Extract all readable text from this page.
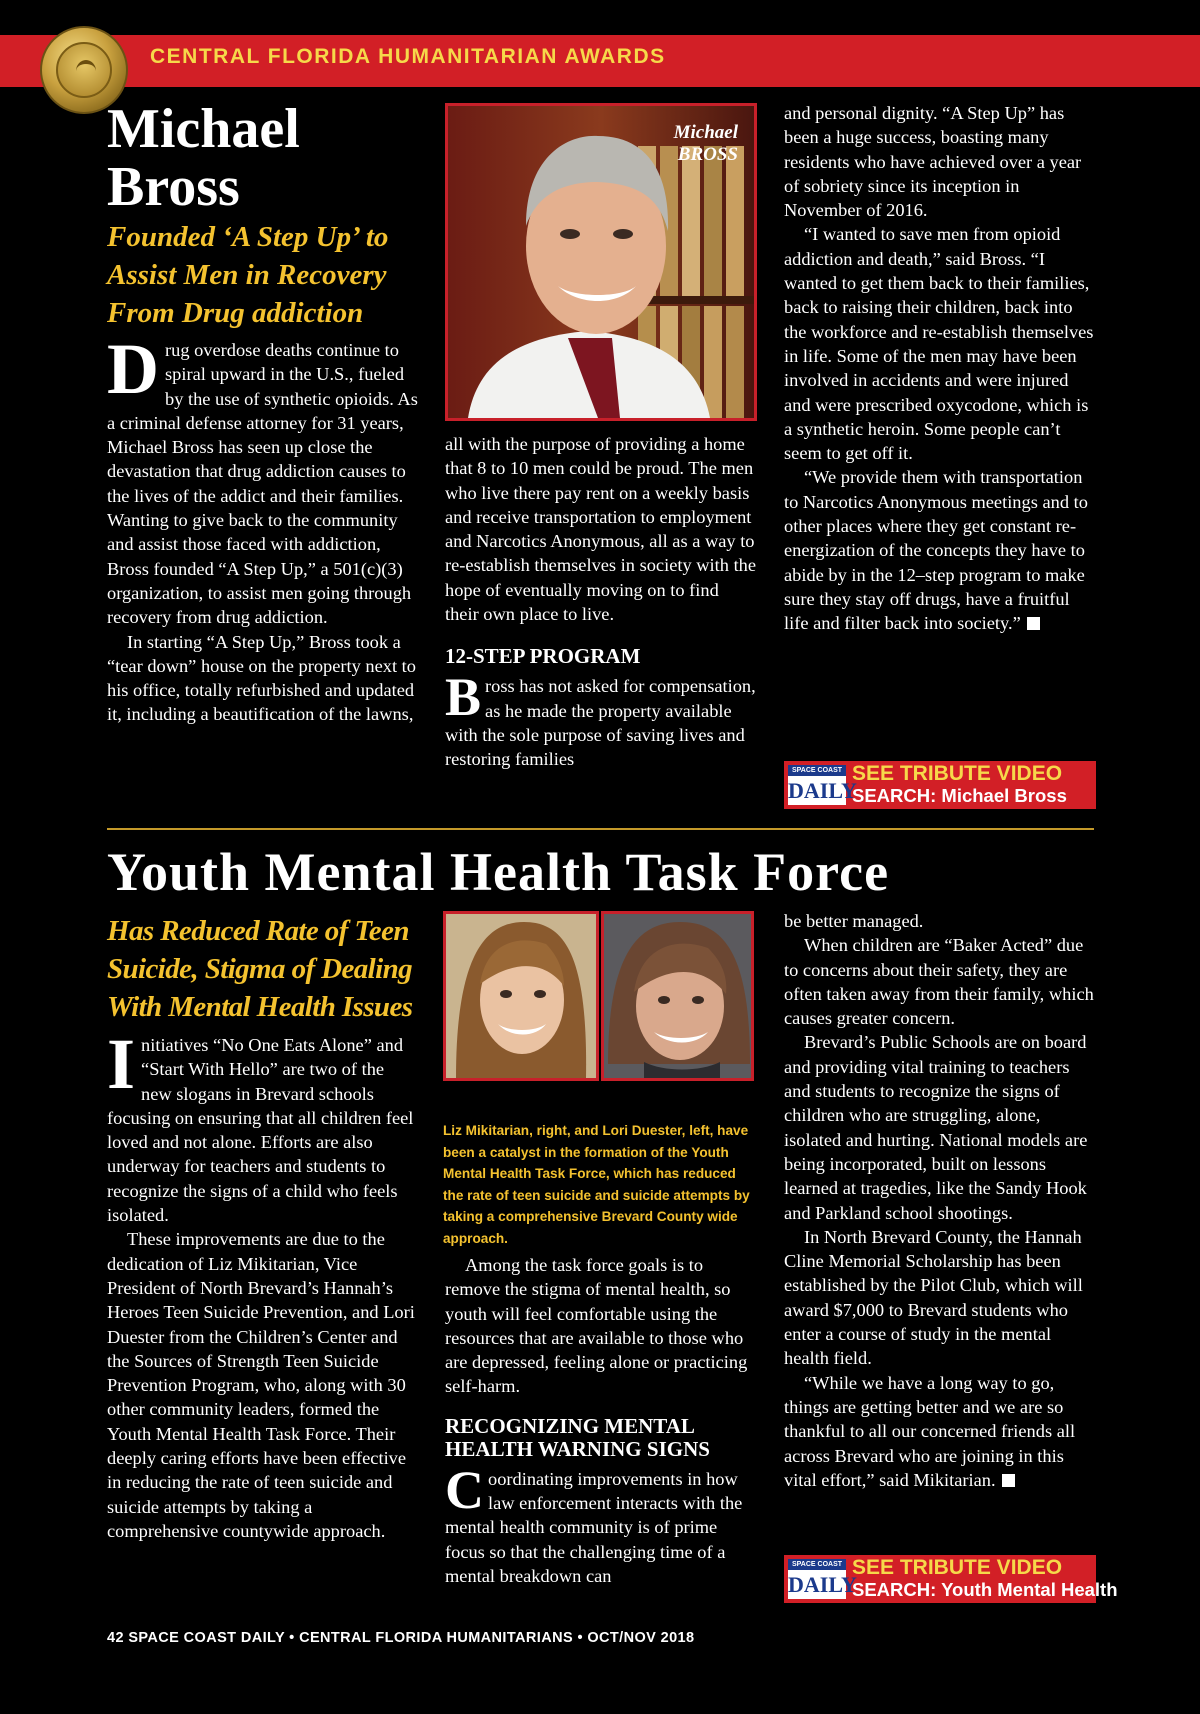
CENTRAL FLORIDA HUMANITARIAN AWARDS
Michael
Bross
Founded ‘A Step Up’ to
Assist Men in Recovery
From Drug addiction

Drug overdose deaths continue to spiral upward in the U.S., fueled by the use of synthetic opioids. As a criminal defense attorney for 31 years, Michael Bross has seen up close the devastation that drug addiction causes to the lives of the addict and their families. Wanting to give back to the community and assist those faced with addiction, Bross founded “A Step Up,” a 501(c)(3) organization, to assist men going through recovery from drug addiction.

In starting “A Step Up,” Bross took a “tear down” house on the property next to his office, totally refurbished and updated it, including a beautification of the lawns,

Michael
BROSS

all with the purpose of providing a home that 8 to 10 men could be proud. The men who live there pay rent on a weekly basis and receive transportation to employment and Narcotics Anonymous, all as a way to re-establish themselves in society with the hope of eventually moving on to find their own place to live.

12-STEP PROGRAM

Bross has not asked for compensation, as he made the property available with the sole purpose of saving lives and restoring families

and personal dignity. “A Step Up” has been a huge success, boasting many residents who have achieved over a year of sobriety since its inception in November of 2016.

“I wanted to save men from opioid addiction and death,” said Bross. “I wanted to get them back to their families, back to raising their children, back into the workforce and re-establish themselves in life. Some of the men may have been involved in accidents and were injured and were prescribed oxycodone, which is a synthetic heroin. Some people can’t seem to get off it.

“We provide them with transportation to Narcotics Anonymous meetings and to other places where they get constant re-energization of the concepts they have to abide by in the 12–step program to make sure they stay off drugs, have a fruitful life and filter back into society.”

SPACE COAST
DAILY
SEE TRIBUTE VIDEO
SEARCH: Michael Bross
Youth Mental Health Task Force
Has Reduced Rate of Teen
Suicide, Stigma of Dealing
With Mental Health Issues

Initiatives “No One Eats Alone” and “Start With Hello” are two of the new slogans in Brevard schools focusing on ensuring that all children feel loved and not alone. Efforts are also underway for teachers and students to recognize the signs of a child who feels isolated.

These improvements are due to the dedication of Liz Mikitarian, Vice President of North Brevard’s Hannah’s Heroes Teen Suicide Prevention, and Lori Duester from the Children’s Center and the Sources of Strength Teen Suicide Prevention Program, who, along with 30 other community leaders, formed the Youth Mental Health Task Force. Their deeply caring efforts have been effective in reducing the rate of teen suicide and suicide attempts by taking a comprehensive countywide approach.

Liz Mikitarian, right, and Lori Duester, left, have been a catalyst in the formation of the Youth Mental Health Task Force, which has reduced the rate of teen suicide and suicide attempts by taking a comprehensive Brevard County wide approach.

Among the task force goals is to remove the stigma of mental health, so youth will feel comfortable using the resources that are available to those who are depressed, feeling alone or practicing self-harm.

RECOGNIZING MENTAL HEALTH WARNING SIGNS

Coordinating improvements in how law enforcement interacts with the mental health community is of prime focus so that the challenging time of a mental breakdown can

be better managed.

When children are “Baker Acted” due to concerns about their safety, they are often taken away from their family, which causes greater concern.

Brevard’s Public Schools are on board and providing vital training to teachers and students to recognize the signs of children who are struggling, alone, isolated and hurting. National models are being incorporated, built on lessons learned at tragedies, like the Sandy Hook and Parkland school shootings.

In North Brevard County, the Hannah Cline Memorial Scholarship has been established by the Pilot Club, which will award $7,000 to Brevard students who enter a course of study in the mental health field.

“While we have a long way to go, things are getting better and we are so thankful to all our concerned friends all across Brevard who are joining in this vital effort,” said Mikitarian.

SPACE COAST
DAILY
SEE TRIBUTE VIDEO
SEARCH: Youth Mental Health
42 SPACE COAST DAILY • CENTRAL FLORIDA HUMANITARIANS • OCT/NOV 2018
